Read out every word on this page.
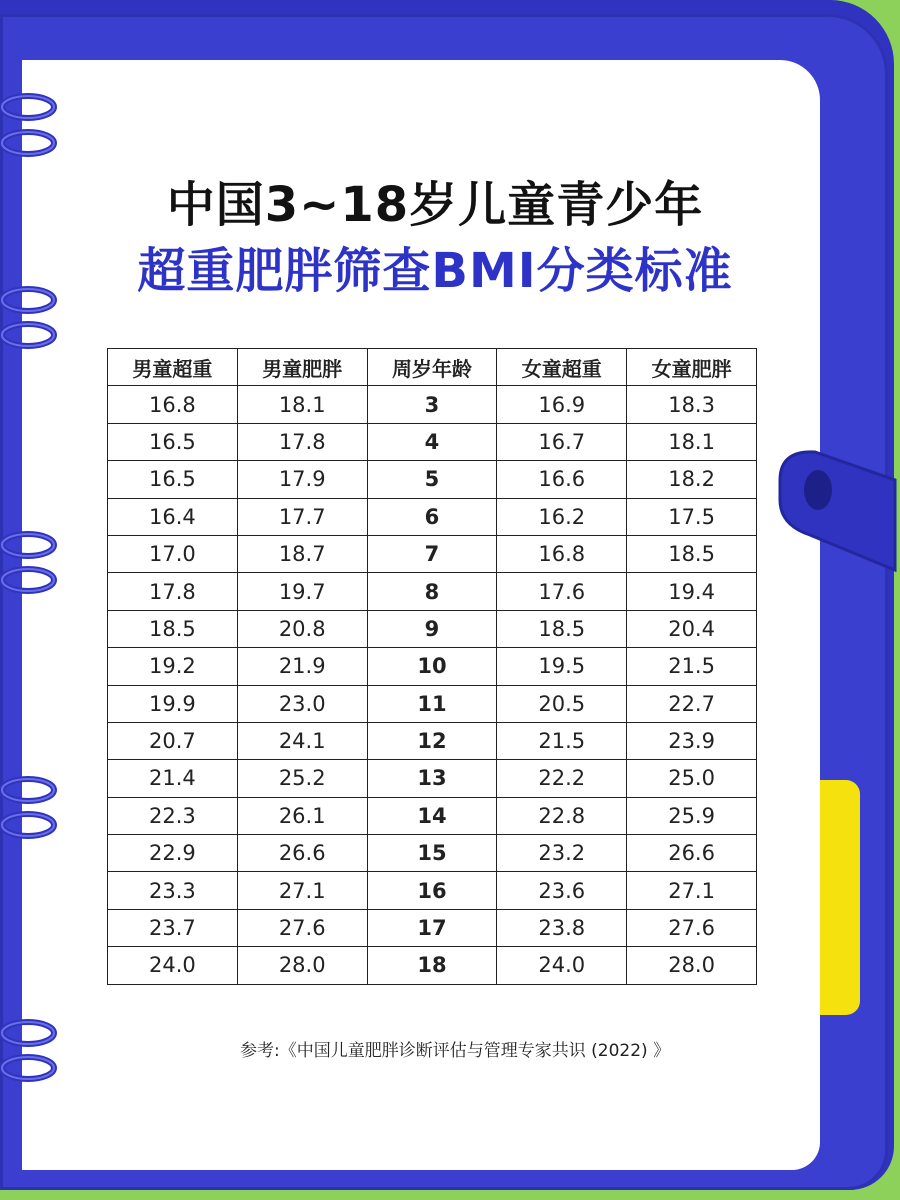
中国3~18岁儿童青少年
超重肥胖筛查BMI分类标准
男童超重	男童肥胖	周岁年龄	女童超重	女童肥胖
16.8	18.1	3	16.9	18.3
16.5	17.8	4	16.7	18.1
16.5	17.9	5	16.6	18.2
16.4	17.7	6	16.2	17.5
17.0	18.7	7	16.8	18.5
17.8	19.7	8	17.6	19.4
18.5	20.8	9	18.5	20.4
19.2	21.9	10	19.5	21.5
19.9	23.0	11	20.5	22.7
20.7	24.1	12	21.5	23.9
21.4	25.2	13	22.2	25.0
22.3	26.1	14	22.8	25.9
22.9	26.6	15	23.2	26.6
23.3	27.1	16	23.6	27.1
23.7	27.6	17	23.8	27.6
24.0	28.0	18	24.0	28.0
参考:《中国儿童肥胖诊断评估与管理专家共识 (2022) 》
